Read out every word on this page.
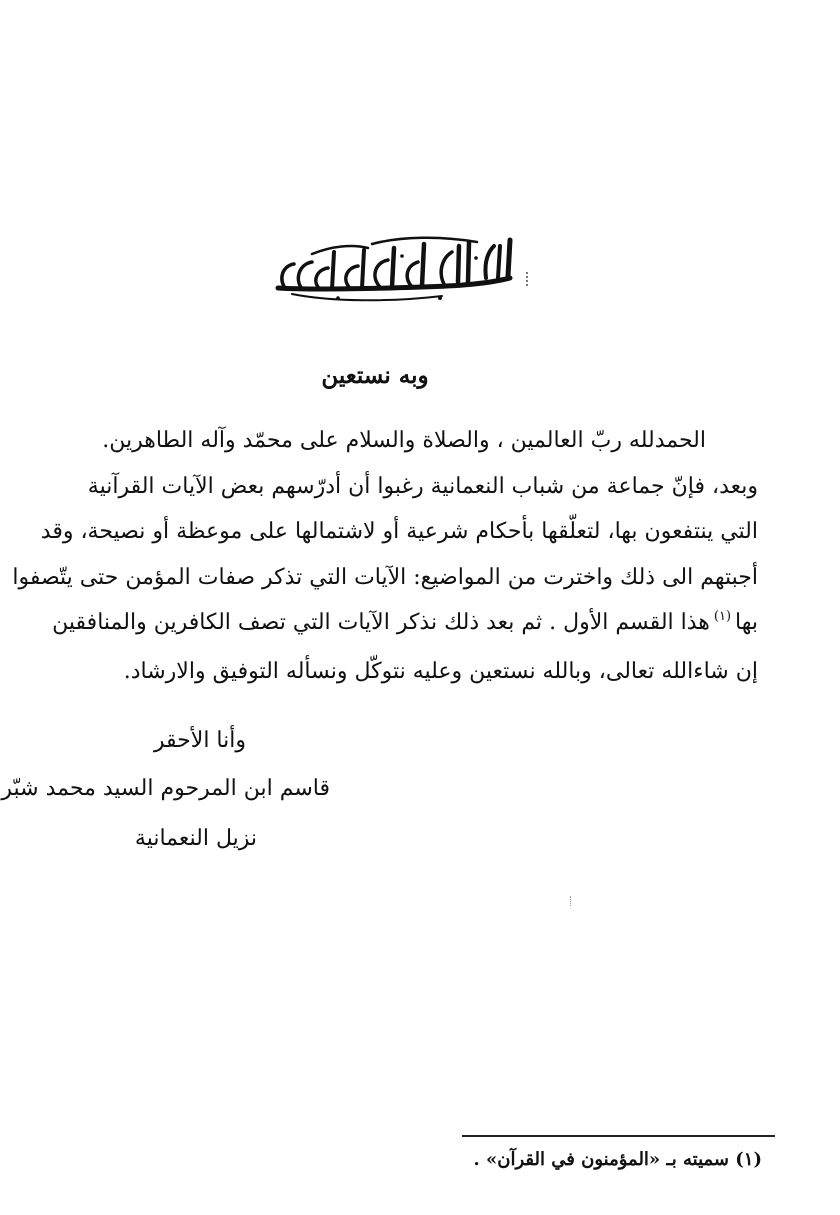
وبه نستعين
الحمدلله ربّ العالمين ، والصلاة والسلام على محمّد وآله الطاهرين.
وبعد، فإنّ جماعة من شباب النعمانية رغبوا أن أدرّسهم بعض الآيات القرآنية
التي ينتفعون بها، لتعلّقها بأحكام شرعية أو لاشتمالها على موعظة أو نصيحة، وقد
أجبتهم الى ذلك واخترت من المواضيع: الآيات التي تذكر صفات المؤمن حتى يتّصفوا
بها$^{(١)}$هذا القسم الأول . ثم بعد ذلك نذكر الآيات التي تصف الكافرين والمنافقين
إن شاءالله تعالى، وبالله نستعين وعليه نتوكّل ونسأله التوفيق والارشاد.
وأنا الأحقر
قاسم ابن المرحوم السيد محمد شبّر
نزيل النعمانية
(١) سميته بـ «المؤمنون في القرآن» .
